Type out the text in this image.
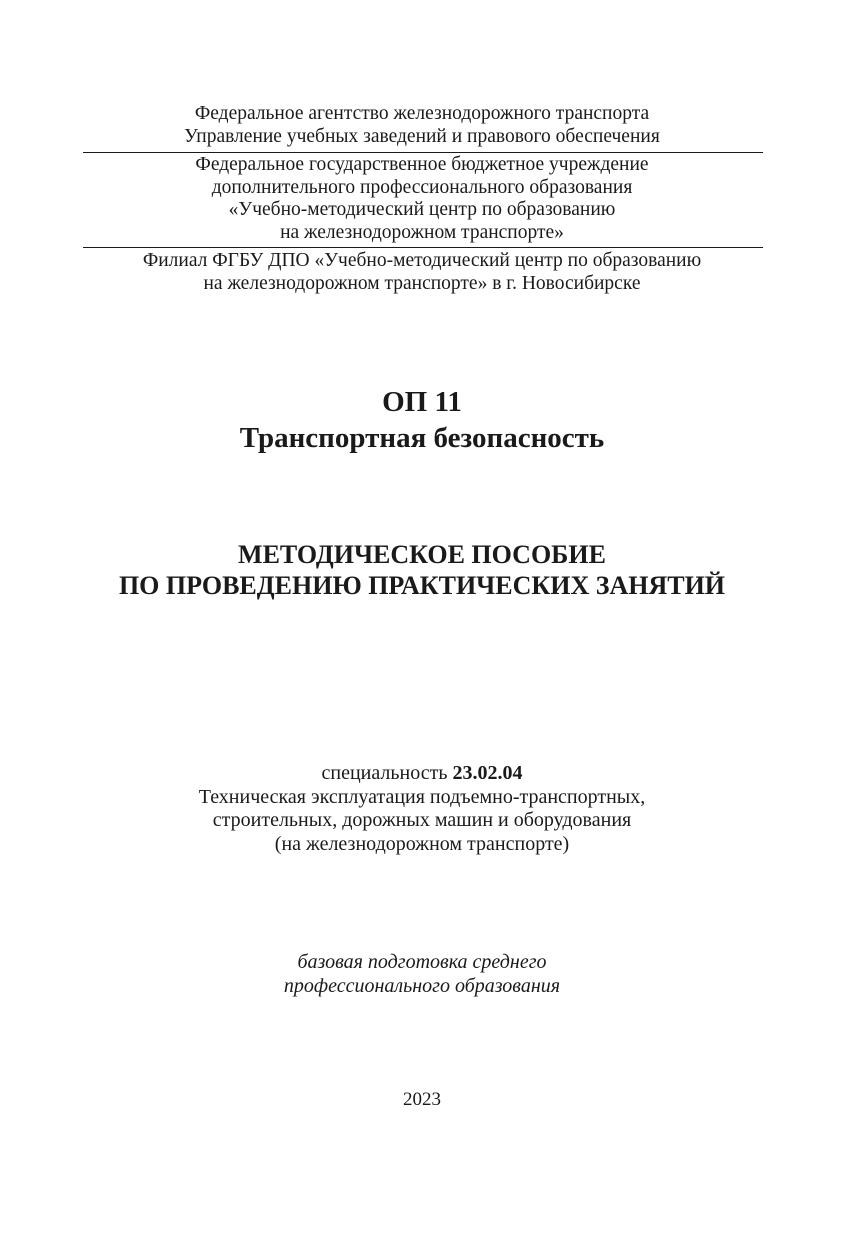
Федеральное агентство железнодорожного транспорта
Управление учебных заведений и правового обеспечения
Федеральное государственное бюджетное учреждение
дополнительного профессионального образования
«Учебно-методический центр по образованию
на железнодорожном транспорте»
Филиал ФГБУ ДПО «Учебно-методический центр по образованию
на железнодорожном транспорте» в г. Новосибирске
ОП 11
Транспортная безопасность
МЕТОДИЧЕСКОЕ ПОСОБИЕ
ПО ПРОВЕДЕНИЮ ПРАКТИЧЕСКИХ ЗАНЯТИЙ
специальность 23.02.04
Техническая эксплуатация подъемно-транспортных,
строительных, дорожных машин и оборудования
(на железнодорожном транспорте)
базовая подготовка среднего
профессионального образования
2023
